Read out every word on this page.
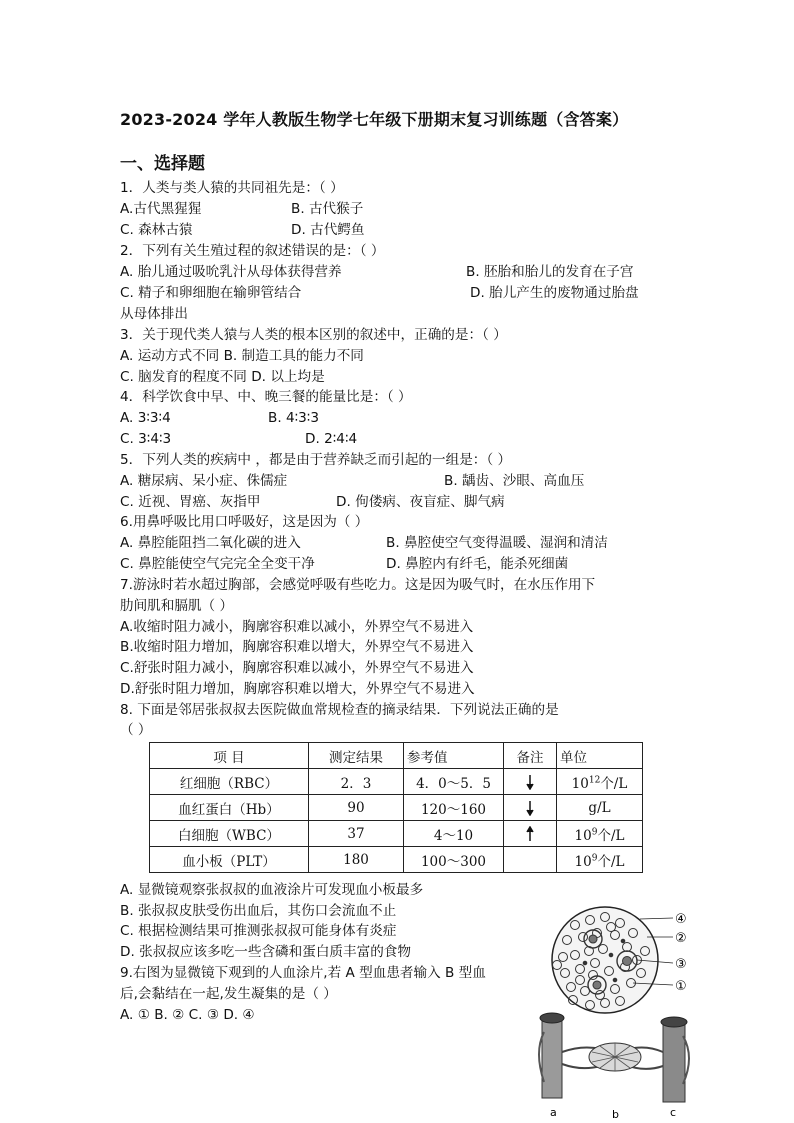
2023-2024 学年人教版生物学七年级下册期末复习训练题（含答案）
一、选择题
1．人类与类人猿的共同祖先是：（ ）
A.古代黑猩猩	B. 古代猴子
C. 森林古猿	D. 古代鳄鱼
2．下列有关生殖过程的叙述错误的是：（ ）
A. 胎儿通过吸吮乳汁从母体获得营养	B. 胚胎和胎儿的发育在子宫
C. 精子和卵细胞在输卵管结合	D. 胎儿产生的废物通过胎盘
从母体排出
3．关于现代类人猿与人类的根本区别的叙述中，正确的是：（ ）
A. 运动方式不同 B. 制造工具的能力不同
C. 脑发育的程度不同 D. 以上均是
4．科学饮食中早、中、晚三餐的能量比是：（ ）
A. 3∶3∶4	B. 4∶3∶3
C. 3∶4∶3	D. 2∶4∶4
5．下列人类的疾病中 ，都是由于营养缺乏而引起的一组是：（ ）
A. 糖尿病、呆小症、侏儒症	B. 龋齿、沙眼、高血压
C. 近视、胃癌、灰指甲	D. 佝偻病、夜盲症、脚气病
6.用鼻呼吸比用口呼吸好，这是因为（ ）
A. 鼻腔能阻挡二氧化碳的进入	B. 鼻腔使空气变得温暖、湿润和清洁
C. 鼻腔能使空气完完全全变干净	D. 鼻腔内有纤毛，能杀死细菌
7.游泳时若水超过胸部，会感觉呼吸有些吃力。这是因为吸气时，在水压作用下
肋间肌和膈肌（ ）
A.收缩时阻力减小，胸廓容积难以减小，外界空气不易进入
B.收缩时阻力增加，胸廓容积难以增大，外界空气不易进入
C.舒张时阻力减小，胸廓容积难以减小，外界空气不易进入
D.舒张时阻力增加，胸廓容积难以增大，外界空气不易进入
8. 下面是邻居张叔叔去医院做血常规检查的摘录结果．下列说法正确的是
（ ）
A. 显微镜观察张叔叔的血液涂片可发现血小板最多
B. 张叔叔皮肤受伤出血后，其伤口会流血不止
C. 根据检测结果可推测张叔叔可能身体有炎症
D. 张叔叔应该多吃一些含磷和蛋白质丰富的食物
9.右图为显微镜下观到的人血涂片,若 A 型血患者输入 B 型血
后,会黏结在一起,发生凝集的是（ ）
A. ① B. ② C. ③ D. ④
项 目	测定结果	参考值	备注	单位
红细胞（RBC）	2．3	4．0～5．5		$10^{12}$个/L
血红蛋白（Hb）	90	120～160		g/L
白细胞（WBC）	37	4～10		$10^9$个/L
血小板（PLT）	180	100～300		$10^9$个/L
④
②
③
①
a	b	c
